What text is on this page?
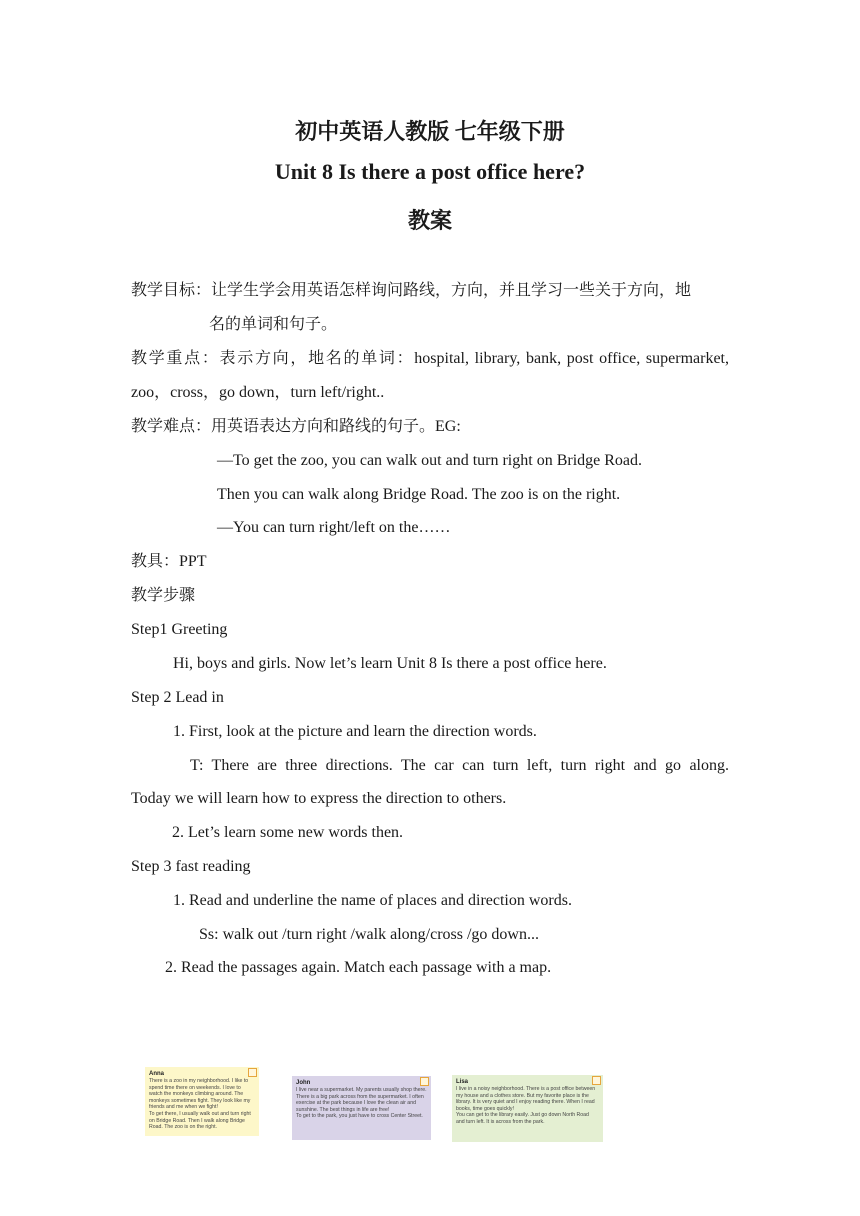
初中英语人教版 七年级下册
Unit 8 Is there a post office here?
教案
教学目标：让学生学会用英语怎样询问路线，方向，并且学习一些关于方向，地
名的单词和句子。
教学重点：表示方向，地名的单词：hospital, library, bank, post office, supermarket,
zoo，cross，go down，turn left/right..
教学难点：用英语表达方向和路线的句子。EG:
—To get the zoo, you can walk out and turn right on Bridge Road.
Then you can walk along Bridge Road. The zoo is on the right.
—You can turn right/left on the……
教具：PPT
教学步骤
Step1 Greeting
Hi, boys and girls. Now let’s learn Unit 8 Is there a post office here.
Step 2 Lead in
1. First, look at the picture and learn the direction words.
T: There are three directions. The car can turn left, turn right and go along.
Today we will learn how to express the direction to others.
2. Let’s learn some new words then.
Step 3 fast reading
1. Read and underline the name of places and direction words.
Ss: walk out /turn right /walk along/cross /go down...
2. Read the passages again. Match each passage with a map.
Anna

There is a zoo in my neighborhood. I like to spend time there on weekends. I love to watch the monkeys climbing around. The monkeys sometimes fight. They look like my friends and me when we fight!

To get there, I usually walk out and turn right on Bridge Road. Then I walk along Bridge Road. The zoo is on the right.

John

I live near a supermarket. My parents usually shop there. There is a big park across from the supermarket. I often exercise at the park because I love the clean air and sunshine. The best things in life are free!

To get to the park, you just have to cross Center Street.

Lisa

I live in a noisy neighborhood. There is a post office between my house and a clothes store. But my favorite place is the library. It is very quiet and I enjoy reading there. When I read books, time goes quickly!

You can get to the library easily. Just go down North Road and turn left. It is across from the park.
